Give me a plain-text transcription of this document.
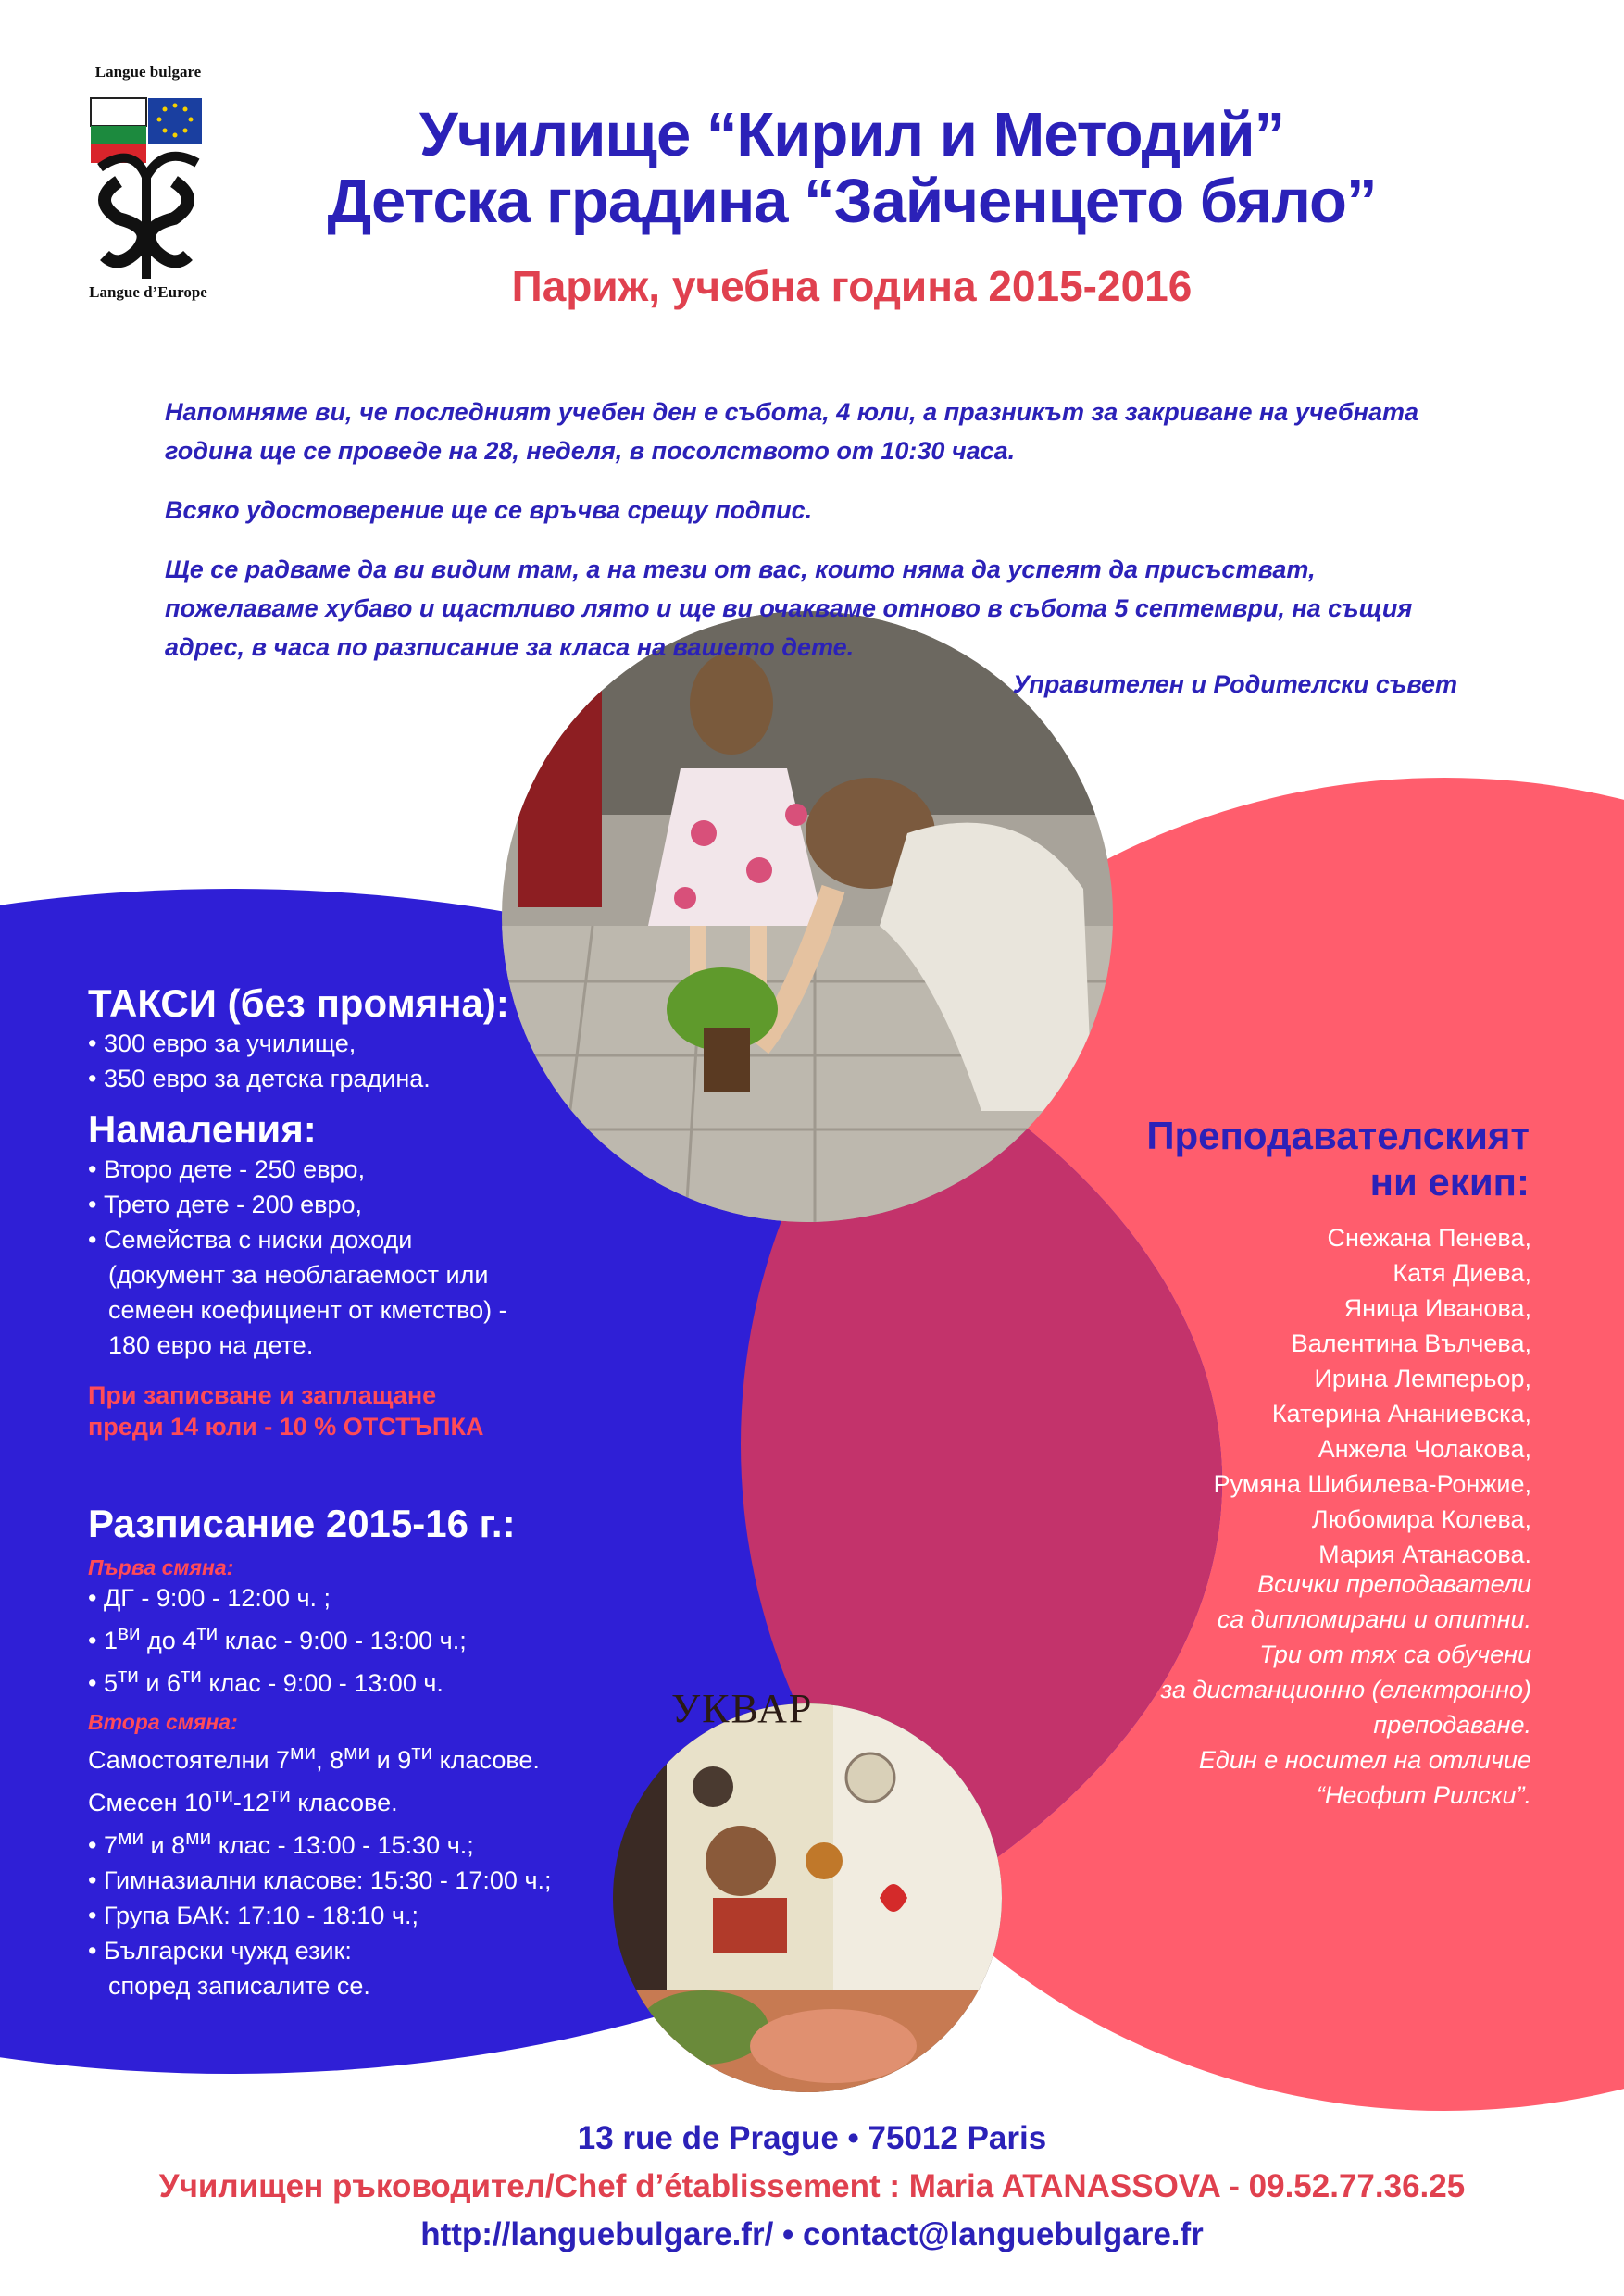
УКВАР
Langue bulgare
Langue d’Europe
Училище “Кирил и Методий”
Детска градина “Зайченцето бяло”
Париж, учебна година 2015-2016

Напомняме ви, че последният учебен ден е събота, 4 юли, а празникът за закриване на учебната
година ще се проведе на 28, неделя, в посолството от 10:30 часа.

Всяко удостоверение ще се връчва срещу подпис.

Ще се радваме да ви видим там, а на тези от вас, които няма да успеят да присъстват,
пожелаваме хубаво и щастливо лято и ще ви очакваме отново в събота 5 септември, на същия
адрес, в часа по разписание за класа на вашето дете.

Управителен и Родителски съвет

ТАКСИ (без промяна):

• 300 евро за училище,
• 350 евро за детска градина.

Намаления:

• Второ дете - 250 евро,
• Трето дете - 200 евро,
• Семейства с ниски доходи
(документ за необлагаемост или
семеен коефициент от кметство) -
180 евро на дете.
При записване и заплащане
преди 14 юли - 10 % ОТСТЪПКА

Разписание 2015-16 г.:

Първа смяна:
• ДГ - 9:00 - 12:00 ч. ;
• $1^{ви}$ до $4^{ти}$ клас - 9:00 - 13:00 ч.;
• $5^{ти}$ и $6^{ти}$ клас - 9:00 - 13:00 ч.
Втора смяна:
Самостоятелни $7^{ми}$, $8^{ми}$ и $9^{ти}$ класове.
Смесен $10^{ти}-12^{ти}$ класове.
• $7^{ми}$ и $8^{ми}$ клас - 13:00 - 15:30 ч.;
• Гимназиални класове: 15:30 - 17:00 ч.;
• Група БАК: 17:10 - 18:10 ч.;
• Български чужд език:
според записалите се.
Преподавателският
ни екип:
Снежана Пенева,
Катя Диева,
Яница Иванова,
Валентина Вълчева,
Ирина Лемперьор,
Катерина Ананиевска,
Анжела Чолакова,
Румяна Шибилева-Ронжие,
Любомира Колева,
Мария Атанасова.
Всички преподаватели
са дипломирани и опитни.
Три от тях са обучени
за дистанционно (електронно)
преподаване.
Един е носител на отличие
“Неофит Рилски”.
13 rue de Prague • 75012 Paris
Училищен ръководител/Chef d’établissement : Maria ATANASSOVA - 09.52.77.36.25
http://languebulgare.fr/ • contact@languebulgare.fr
